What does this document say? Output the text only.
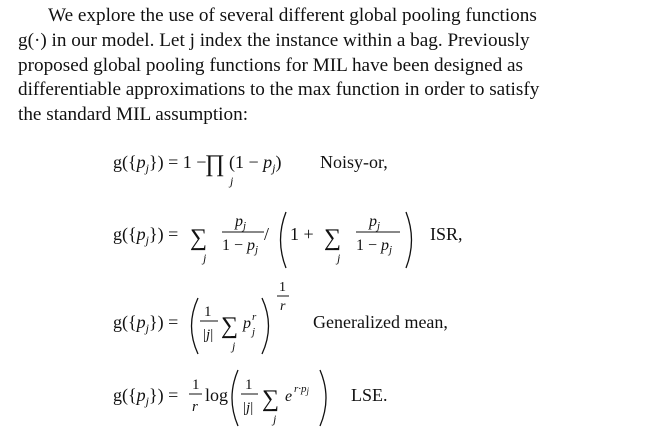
We explore the use of several different global pooling functions
g(·) in our model. Let j index the instance within a bag. Previously
proposed global pooling functions for MIL have been designed as
differentiable approximations to the max function in order to satisfy
the standard MIL assumption:
$g(\{p_j\}) = 1$ −
∏
j
$(1 - p_j)$ Noisy-or,
$g(\{p_j\})$ = ∑
j
pj
1 − pj
/ 1 + ∑
j
pj
1 − pj
ISR,
$g(\{p_j\}) = 1$
|j| ∑
j
p r
j
1
r
Generalized mean,
$g(\{p_j\}) = 1$
r
log 1
|j| ∑
j
e r·pj LSE.
